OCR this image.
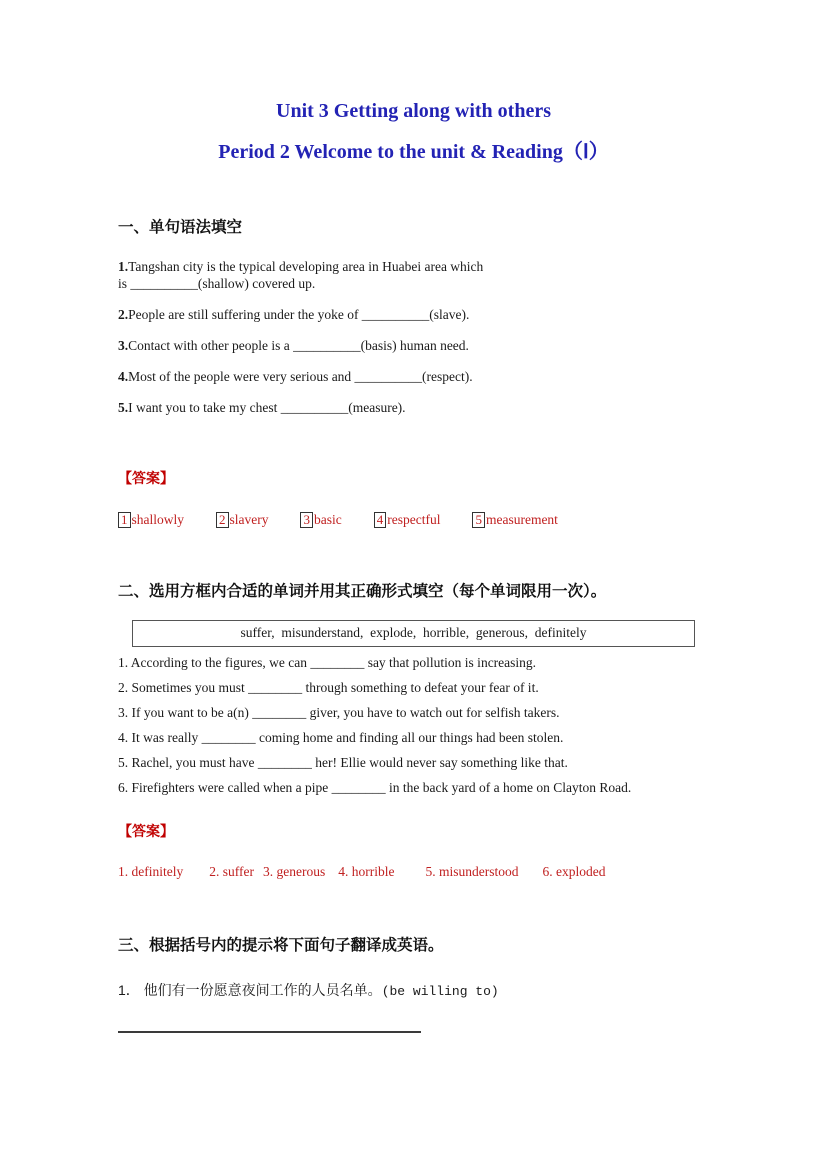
Unit 3 Getting along with others
Period 2 Welcome to the unit & Reading（Ⅰ）
一、单句语法填空
1.Tangshan city is the typical developing area in Huabei area which
is __________(shallow) covered up.
2.People are still suffering under the yoke of __________(slave).
3.Contact with other people is a __________(basis) human need.
4.Most of the people were very serious and __________(respect).
5.I want you to take my chest __________(measure).
【答案】
1 shallowly	2 slavery	3 basic	4 respectful	5 measurement
二、选用方框内合适的单词并用其正确形式填空（每个单词限用一次）。
suffer,  misunderstand,  explode,  horrible,  generous,  definitely
1. According to the figures, we can ________ say that pollution is increasing.
2. Sometimes you must ________ through something to defeat your fear of it.
3. If you want to be a(n) ________ giver, you have to watch out for selfish takers.
4. It was really ________ coming home and finding all our things had been stolen.
5. Rachel, you must have ________ her! Ellie would never say something like that.
6. Firefighters were called when a pipe ________ in the back yard of a home on Clayton Road.
【答案】
1. definitely 2. suffer 3. generous 4. horrible 5. misunderstood 6. exploded
三、根据括号内的提示将下面句子翻译成英语。
1． 他们有一份愿意夜间工作的人员名单。(be willing to)
